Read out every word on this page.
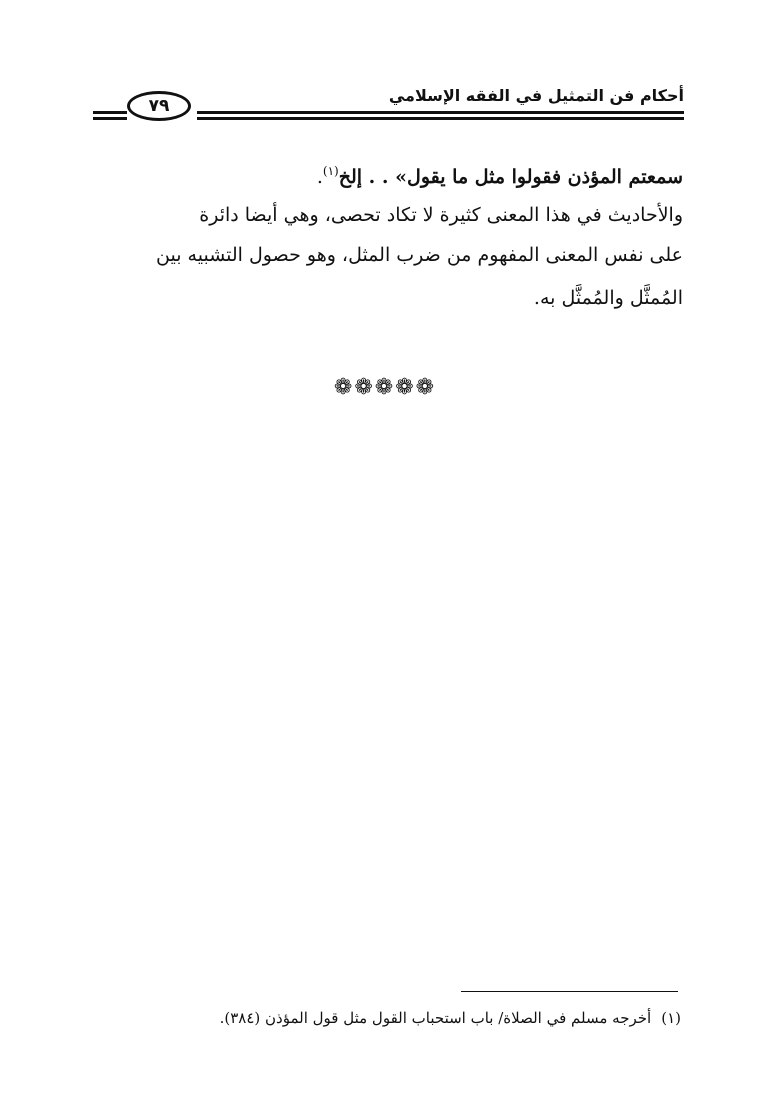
أحكام فن التمثيل في الفقه الإسلامي
٧٩
سمعتم المؤذن فقولوا مثل ما يقول» . . إلخ$^{(١)}$.
والأحاديث في هذا المعنى كثيرة لا تكاد تحصى، وهي أيضا دائرة
على نفس المعنى المفهوم من ضرب المثل، وهو حصول التشبيه بين
المُمثَّل والمُمثَّل به.
❁❁❁❁❁
(١)أخرجه مسلم في الصلاة/ باب استحباب القول مثل قول المؤذن (٣٨٤).
